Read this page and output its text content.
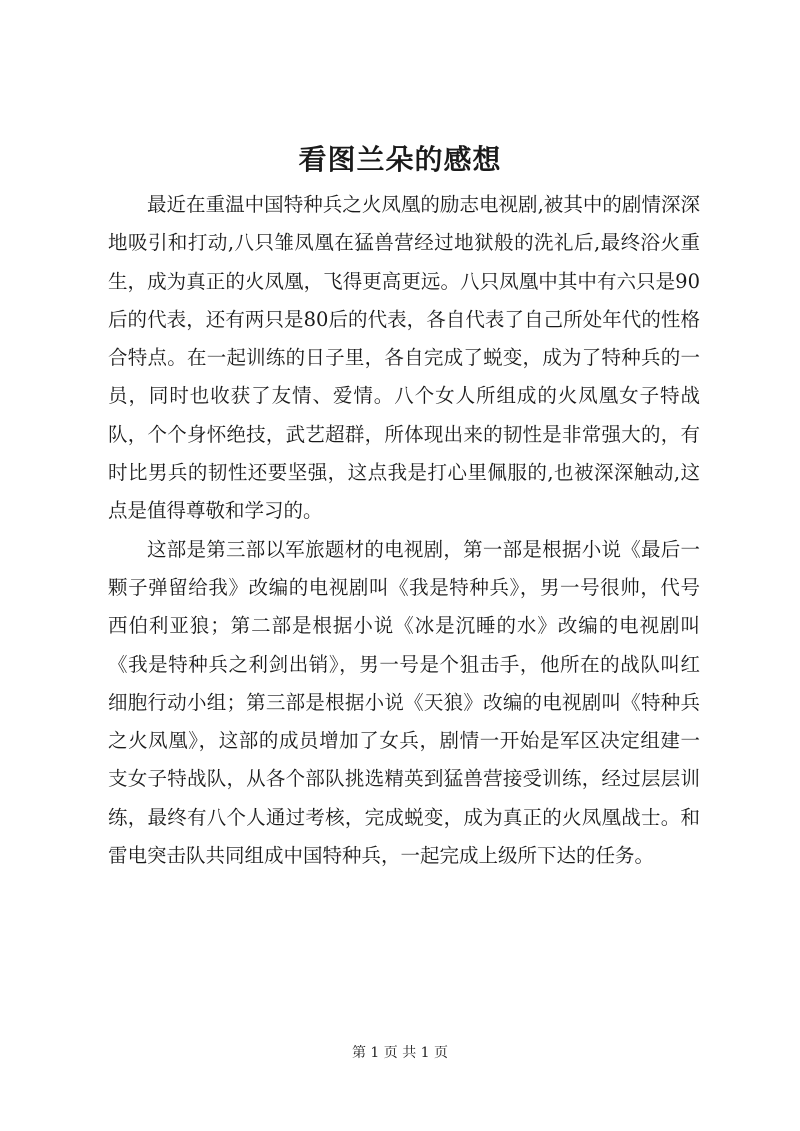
看图兰朵的感想

最近在重温中国特种兵之火凤凰的励志电视剧,被其中的剧情深深地吸引和打动,八只雏凤凰在猛兽营经过地狱般的洗礼后,最终浴火重生，成为真正的火凤凰，飞得更高更远。八只凤凰中其中有六只是90后的代表，还有两只是80后的代表，各自代表了自己所处年代的性格合特点。在一起训练的日子里，各自完成了蜕变，成为了特种兵的一员，同时也收获了友情、爱情。八个女人所组成的火凤凰女子特战队，个个身怀绝技，武艺超群，所体现出来的韧性是非常强大的，有时比男兵的韧性还要坚强，这点我是打心里佩服的,也被深深触动,这点是值得尊敬和学习的。

这部是第三部以军旅题材的电视剧，第一部是根据小说《最后一颗子弹留给我》改编的电视剧叫《我是特种兵》，男一号很帅，代号西伯利亚狼；第二部是根据小说《冰是沉睡的水》改编的电视剧叫《我是特种兵之利剑出销》，男一号是个狙击手，他所在的战队叫红细胞行动小组；第三部是根据小说《天狼》改编的电视剧叫《特种兵之火凤凰》，这部的成员增加了女兵，剧情一开始是军区决定组建一支女子特战队，从各个部队挑选精英到猛兽营接受训练，经过层层训练，最终有八个人通过考核，完成蜕变，成为真正的火凤凰战士。和雷电突击队共同组成中国特种兵，一起完成上级所下达的任务。

第 1 页 共 1 页
